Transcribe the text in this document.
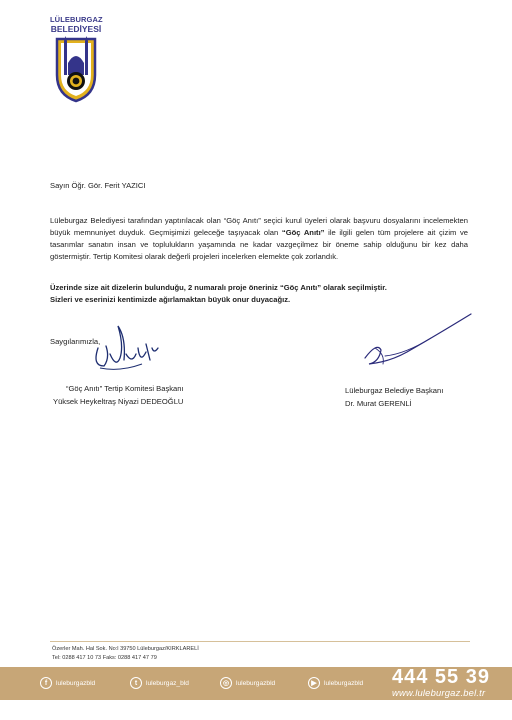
LÜLEBURGAZ
BELEDİYESİ
Sayın Öğr. Gör. Ferit YAZICI
Lüleburgaz Belediyesi tarafından yaptırılacak olan “Göç Anıtı” seçici kurul üyeleri olarak başvuru dosyalarını incelemekten büyük memnuniyet duyduk. Geçmişimizi geleceğe taşıyacak olan “Göç Anıtı” ile ilgili gelen tüm projelere ait çizim ve tasarımlar sanatın insan ve toplulukların yaşamında ne kadar vazgeçilmez bir öneme sahip olduğunu bir kez daha göstermiştir. Tertip Komitesi olarak değerli projeleri incelerken elemekte çok zorlandık.
Üzerinde size ait dizelerin bulunduğu, 2 numaralı proje öneriniz “Göç Anıtı” olarak seçilmiştir.
Sizleri ve eserinizi kentimizde ağırlamaktan büyük onur duyacağız.
Saygılarımızla,
“Göç Anıtı” Tertip Komitesi Başkanı
Yüksek Heykeltraş Niyazi DEDEOĞLU
Lüleburgaz Belediye Başkanı
Dr. Murat GERENLİ
Özerler Mah. Hal Sok. No:l 39750 Lüleburgaz/KIRKLARELİ
Tel: 0288 417 10 73 Faks: 0288 417 47 79
f	luleburgazbld	t	luleburgaz_bld	◎	luleburgazbld	▶	luleburgazbld 444 55 39
www.luleburgaz.bel.tr
